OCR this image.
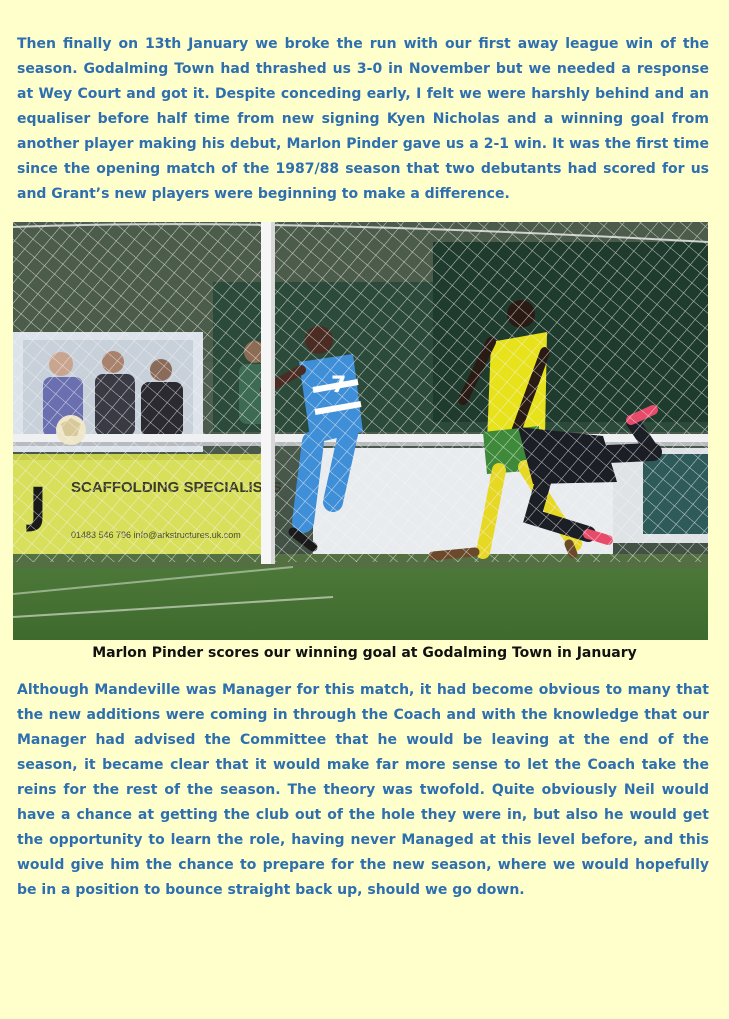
Then finally on 13th January we broke the run with our first away league win of the season. Godalming Town had thrashed us 3-0 in November but we needed a response at Wey Court and got it. Despite conceding early, I felt we were harshly behind and an equaliser before half time from new signing Kyen Nicholas and a winning goal from another player making his debut, Marlon Pinder gave us a 2-1 win. It was the first time since the opening match of the 1987/88 season that two debutants had scored for us and Grant’s new players were beginning to make a difference.

Marlon Pinder scores our winning goal at Godalming Town in January

Although Mandeville was Manager for this match, it had become obvious to many that the new additions were coming in through the Coach and with the knowledge that our Manager had advised the Committee that he would be leaving at the end of the season, it became clear that it would make far more sense to let the Coach take the reins for the rest of the season. The theory was twofold. Quite obviously Neil would have a chance at getting the club out of the hole they were in, but also he would get the opportunity to learn the role, having never Managed at this level before, and this would give him the chance to prepare for the new season, where we would hopefully be in a position to bounce straight back up, should we go down.
